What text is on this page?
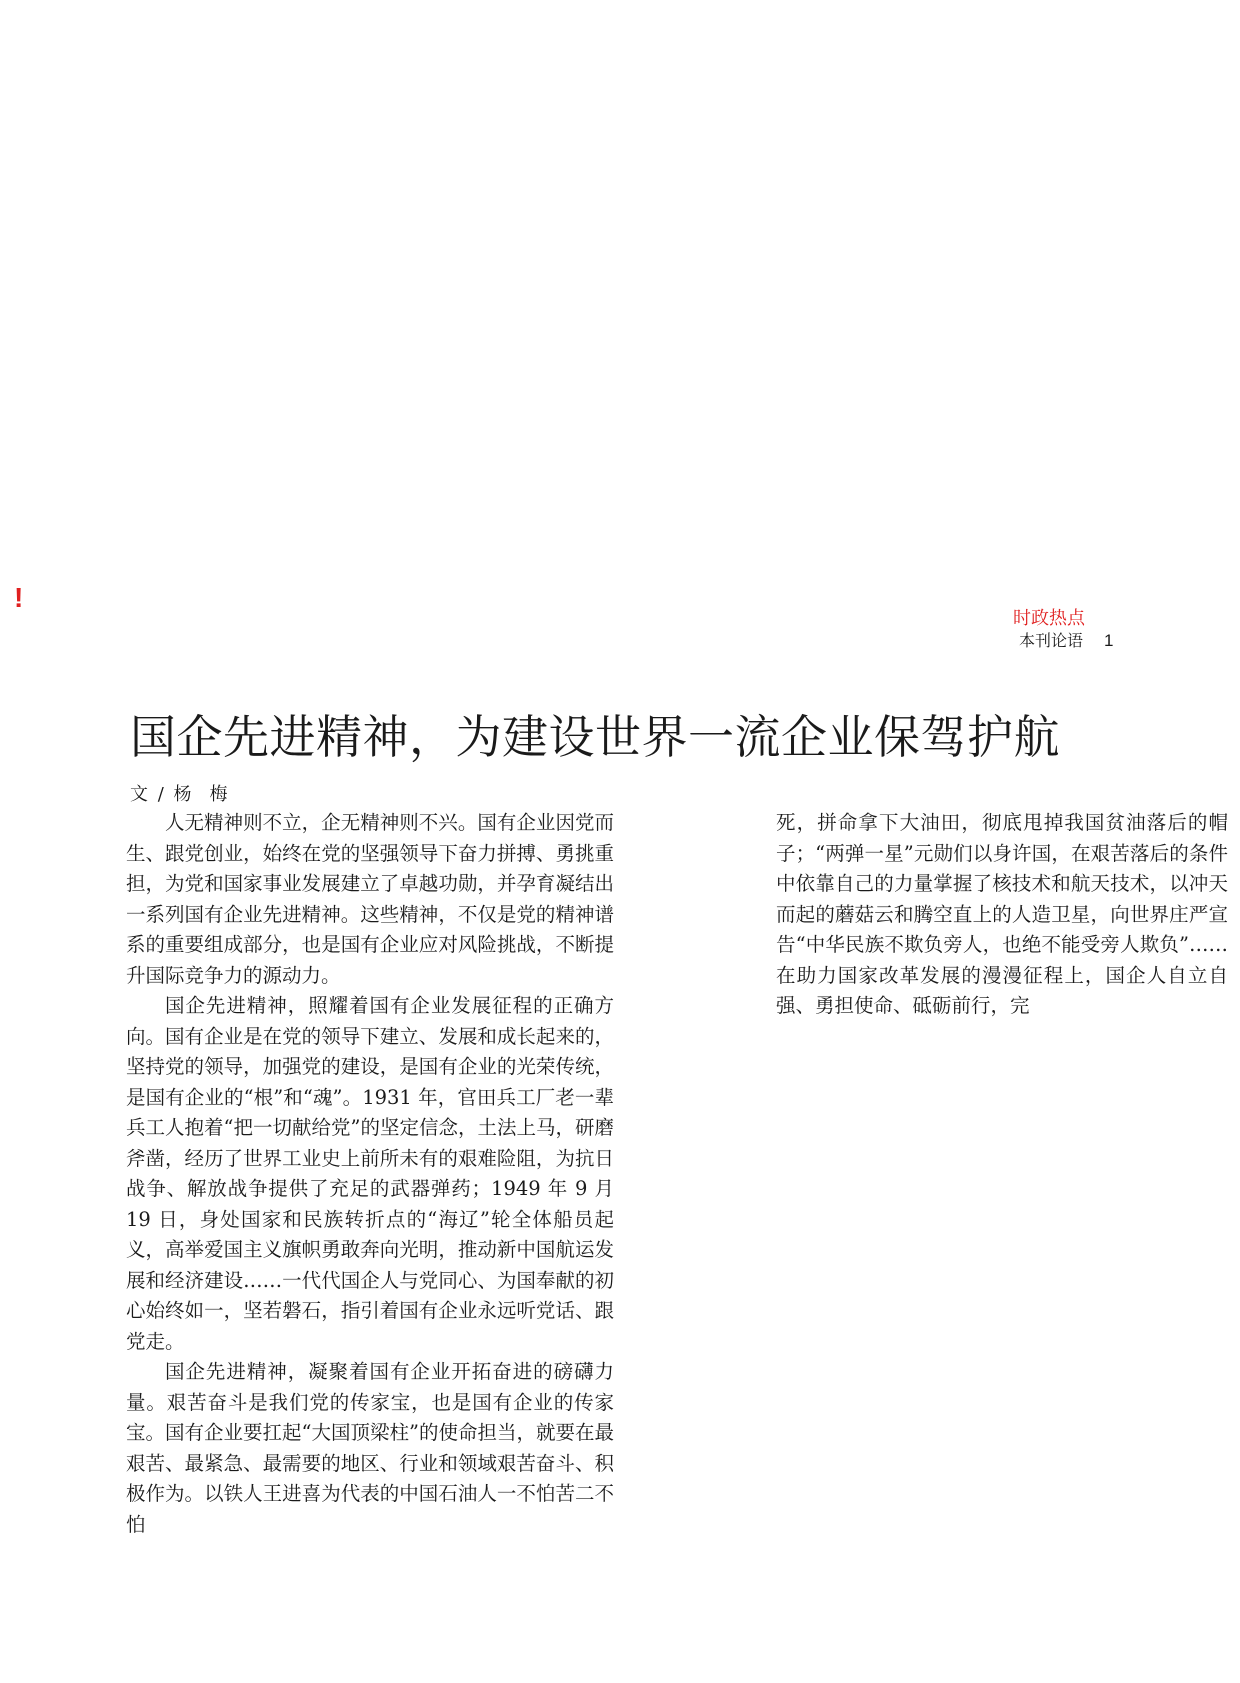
!
时政热点
本刊论语 1
国企先进精神，为建设世界一流企业保驾护航
文 / 杨　梅

人无精神则不立，企无精神则不兴。国有企业因党而生、跟党创业，始终在党的坚强领导下奋力拼搏、勇挑重担，为党和国家事业发展建立了卓越功勋，并孕育凝结出一系列国有企业先进精神。这些精神，不仅是党的精神谱系的重要组成部分，也是国有企业应对风险挑战，不断提升国际竞争力的源动力。

国企先进精神，照耀着国有企业发展征程的正确方向。国有企业是在党的领导下建立、发展和成长起来的，坚持党的领导，加强党的建设，是国有企业的光荣传统，是国有企业的“根”和“魂”。1931 年，官田兵工厂老一辈兵工人抱着“把一切献给党”的坚定信念，土法上马，研磨斧凿，经历了世界工业史上前所未有的艰难险阻，为抗日战争、解放战争提供了充足的武器弹药；1949 年 9 月 19 日，身处国家和民族转折点的“海辽”轮全体船员起义，高举爱国主义旗帜勇敢奔向光明，推动新中国航运发展和经济建设……一代代国企人与党同心、为国奉献的初心始终如一，坚若磐石，指引着国有企业永远听党话、跟党走。

国企先进精神，凝聚着国有企业开拓奋进的磅礴力量。艰苦奋斗是我们党的传家宝，也是国有企业的传家宝。国有企业要扛起“大国顶梁柱”的使命担当，就要在最艰苦、最紧急、最需要的地区、行业和领域艰苦奋斗、积极作为。以铁人王进喜为代表的中国石油人一不怕苦二不怕

死，拼命拿下大油田，彻底甩掉我国贫油落后的帽子；“两弹一星”元勋们以身许国，在艰苦落后的条件中依靠自己的力量掌握了核技术和航天技术，以冲天而起的蘑菇云和腾空直上的人造卫星，向世界庄严宣告“中华民族不欺负旁人，也绝不能受旁人欺负”……在助力国家改革发展的漫漫征程上，国企人自立自强、勇担使命、砥砺前行，完
